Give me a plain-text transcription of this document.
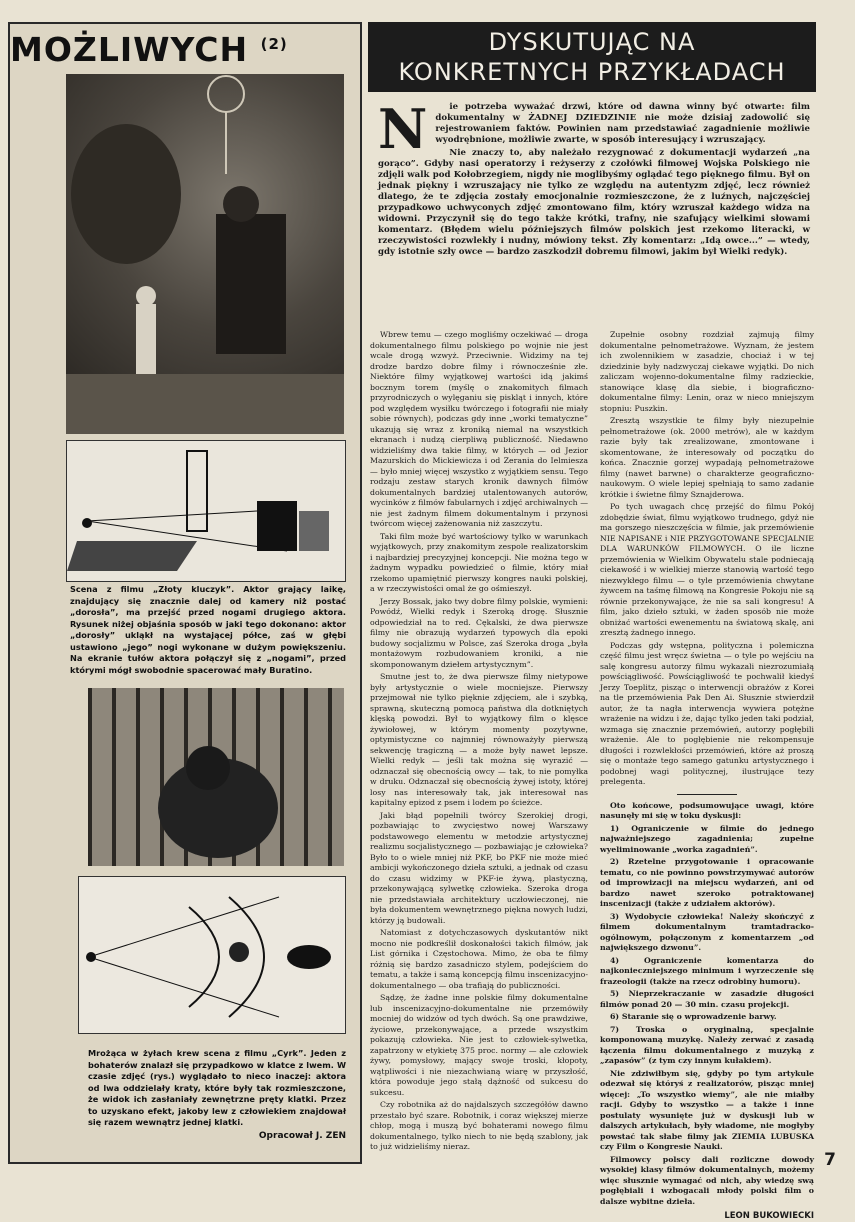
MOŻLIWYCH $^{(2)}$
Scena z filmu „Złoty kluczyk”. Aktor grający laikę, znajdujący się znacznie dalej od kamery niż postać „dorosła”, ma przejść przed nogami drugiego aktora. Rysunek niżej objaśnia sposób w jaki tego dokonano: aktor „dorosły” ukląkł na wystającej półce, zaś w głębi ustawiono „jego” nogi wykonane w dużym powiększeniu. Na ekranie tułów aktora połączył się z „nogami”, przed którymi mógł swobodnie spacerować mały Buratino.
Mrożąca w żyłach krew scena z filmu „Cyrk”. Jeden z bohaterów znalazł się przypadkowo w klatce z lwem. W czasie zdjęć (rys.) wyglądało to nieco inaczej: aktora od lwa oddzielały kraty, które były tak rozmieszczone, że widok ich zasłaniały zewnętrzne pręty klatki. Przez to uzyskano efekt, jakoby lew z człowiekiem znajdował się razem wewnątrz jednej klatki.
Opracował J. ZEN
DYSKUTUJĄC NA
KONKRETNYCH PRZYKŁADACH
N	ie potrzeba wyważać drzwi, które od dawna winny być otwarte: film dokumentalny w ŻADNEJ DZIEDZINIE nie może dzisiaj zadowolić się rejestrowaniem faktów. Powinien nam przedstawiać zagadnienie możliwie wyodrębnione, możliwie zwarte, w sposób interesujący i wzruszający.

Nie znaczy to, aby należało rezygnować z dokumentacji wydarzeń „na gorąco”. Gdyby nasi operatorzy i reżyserzy z czołówki filmowej Wojska Polskiego nie zdjęli walk pod Kołobrzegiem, nigdy nie moglibyśmy oglądać tego pięknego filmu. Był on jednak piękny i wzruszający nie tylko ze względu na autentyzm zdjęć, lecz również dlatego, że te zdjęcia zostały emocjonalnie rozmieszczone, że z luźnych, najczęściej przypadkowo uchwyconych zdjęć zmontowano film, który wzruszał każdego widza na widowni. Przyczynił się do tego także krótki, trafny, nie szafujący wielkimi słowami komentarz. (Błędem wielu późniejszych filmów polskich jest rzekomo literacki, w rzeczywistości rozwlekły i nudny, mówiony tekst. Zły komentarz: „Idą owce...” — wtedy, gdy istotnie szły owce — bardzo zaszkodził dobremu filmowi, jakim był Wielki redyk).

Wbrew temu — czego mogliśmy oczekiwać — droga dokumentalnego filmu polskiego po wojnie nie jest wcale drogą wzwyż. Przeciwnie. Widzimy na tej drodze bardzo dobre filmy i równocześnie złe. Niektóre filmy wyjątkowej wartości idą jakimś bocznym torem (myślę o znakomitych filmach przyrodniczych o wylęganiu się piskląt i innych, które pod względem wysiłku twórczego i fotografii nie miały sobie równych), podczas gdy inne „worki tematyczne” ukazują się wraz z kroniką niemal na wszystkich ekranach i nudzą cierpliwą publiczność. Niedawno widzieliśmy dwa takie filmy, w których — od Jezior Mazurskich do Mickiewicza i od Zerania do Ielmiesza — było mniej więcej wszystko z wyjątkiem sensu. Tego rodzaju zestaw starych kronik dawnych filmów dokumentalnych bardziej utalentowanych autorów, wycinków z filmów fabularnych i zdjęć archiwalnych — nie jest żadnym filmem dokumentalnym i przynosi twórcom więcej zażenowania niż zaszczytu.

Taki film może być wartościowy tylko w warunkach wyjątkowych, przy znakomitym zespole realizatorskim i najbardziej precyzyjnej koncepcji. Nie można tego w żadnym wypadku powiedzieć o filmie, który miał rzekomo upamiętnić pierwszy kongres nauki polskiej, a w rzeczywistości omal że go ośmieszył.

Jerzy Bossak, jako twy dobre filmy polskie, wymieni: Powódź, Wielki redyk i Szeroką drogę. Słusznie odpowiedział na to red. Cękalski, że dwa pierwsze filmy nie obrazują wydarzeń typowych dla epoki budowy socjalizmu w Polsce, zaś Szeroka droga „była montażowym rozbudowaniem kroniki, a nie skomponowanym dziełem artystycznym”.

Smutne jest to, że dwa pierwsze filmy nietypowe były artystycznie o wiele mocniejsze. Pierwszy przejmował nie tylko pięknie zdjęciem, ale i szybką, sprawną, skuteczną pomocą państwa dla dotkniętych klęską powodzi. Był to wyjątkowy film o klęsce żywiołowej, w którym momenty pozytywne, optymistyczne co najmniej równoważyły pierwszą sekwencję tragiczną — a może były nawet lepsze. Wielki redyk — jeśli tak można się wyrazić — odznaczał się obecnością owcy — tak, to nie pomyłka w druku. Odznaczał się obecnością żywej istoty, której losy nas interesowały tak, jak interesował nas kapitalny epizod z psem i lodem po ścieżce.

Jaki błąd popełnili twórcy Szerokiej drogi, pozbawiając to zwycięstwo nowej Warszawy podstawowego elementu w metodzie artystycznej realizmu socjalistycznego — pozbawiając je człowieka? Było to o wiele mniej niż PKF, bo PKF nie może mieć ambicji wykończonego dzieła sztuki, a jednak od czasu do czasu widzimy w PKF-ie żywą, plastyczną, przekonywającą sylwetkę człowieka. Szeroka droga nie przedstawiała architektury uczłowieczonej, nie była dokumentem wewnętrznego piękna nowych ludzi, którzy ją budowali.

Natomiast z dotychczasowych dyskutantów nikt mocno nie podkreślił doskonałości takich filmów, jak List górnika i Częstochowa. Mimo, że oba te filmy różnią się bardzo zasadniczo stylem, podejściem do tematu, a także i samą koncepcją filmu inscenizacyjno-dokumentalnego — oba trafiają do publiczności.

Sądzę, że żadne inne polskie filmy dokumentalne lub inscenizacyjno-dokumentalne nie przemówiły mocniej do widzów od tych dwóch. Są one prawdziwe, życiowe, przekonywające, a przede wszystkim pokazują człowieka. Nie jest to człowiek-sylwetka, zapatrzony w etykietę 375 proc. normy — ale człowiek żywy, pomysłowy, mający swoje troski, kłopoty, wątpliwości i nie niezachwianą wiarę w przyszłość, która powoduje jego stałą dążność od sukcesu do sukcesu.

Czy robotnika aż do najdalszych szczegółów dawno przestało być szare. Robotnik, i coraz większej mierze chłop, mogą i muszą być bohaterami nowego filmu dokumentalnego, tylko niech to nie będą szablony, jak to już widzieliśmy nieraz.

Zupełnie osobny rozdział zajmują filmy dokumentalne pełnometrażowe. Wyznam, że jestem ich zwolennikiem w zasadzie, chociaż i w tej dziedzinie były nadzwyczaj ciekawe wyjątki. Do nich zaliczam wojenno-dokumentalne filmy radzieckie, stanowiące klasę dla siebie, i biograficzno-dokumentalne filmy: Lenin, oraz w nieco mniejszym stopniu: Puszkin.

Zresztą wszystkie te filmy były niezupełnie pełnometrażowe (ok. 2000 metrów), ale w każdym razie były tak zrealizowane, zmontowane i skomentowane, że interesowały od początku do końca. Znacznie gorzej wypadają pełnometrażowe filmy (nawet barwne) o charakterze geograficzno-naukowym. O wiele lepiej spełniają to samo zadanie krótkie i świetne filmy Sznajderowa.

Po tych uwagach chcę przejść do filmu Pokój zdobędzie świat, filmu wyjątkowo trudnego, gdyż nie ma gorszego nieszczęścia w filmie, jak przemówienie NIE NAPISANE i NIE PRZYGOTOWANE SPECJALNIE DLA WARUNKÓW FILMOWYCH. O ile liczne przemówienia w Wielkim Obywatelu stale podniecają ciekawość i w wielkiej mierze stanowią wartość tego niezwykłego filmu — o tyle przemówienia chwytane żywcem na taśmę filmową na Kongresie Pokoju nie są równie przekonywające, że nie sa sali kongresu! A film, jako dzieło sztuki, w żaden sposób nie może obniżać wartości ewenementu na światową skalę, ani zresztą żadnego innego.

Podczas gdy wstępna, polityczna i polemiczna część filmu jest wręcz świetna — o tyle po wejściu na salę kongresu autorzy filmu wykazali niezrozumiałą powściągliwość. Powściągliwość te pochwalił kiedyś Jerzy Toeplitz, pisząc o interwencji obrażów z Korei na tle przemówienia Pak Den Ai. Słusznie stwierdził autor, że ta nagła interwencja wywiera potężne wrażenie na widzu i że, dając tylko jeden taki podział, wzmaga się znacznie przemówień, autorzy pogłębili wrażenie. Ale to pogłębienie nie rekompensuje długości i rozwlekłości przemówień, które aż proszą się o montaże tego samego gatunku artystycznego i podobnej wagi politycznej, ilustrujące tezy prelegenta.

Oto końcowe, podsumowujące uwagi, które nasunęły mi się w toku dyskusji:

1) Ograniczenie w filmie do jednego najważniejszego zagadnienia; zupełne wyeliminowanie „worka zagadnień”.

2) Rzetelne przygotowanie i opracowanie tematu, co nie powinno powstrzymywać autorów od improwizacji na miejscu wydarzeń, ani od bardzo nawet szeroko potraktowanej inscenizacji (także z udziałem aktorów).

3) Wydobycie człowieka! Należy skończyć z filmem dokumentalnym tramtadracko-ogólnowym, połączonym z komentarzem „od największego dzwonu”.

4) Ograniczenie komentarza do najkonieczniejszego minimum i wyrzeczenie się frazeologii (także na rzecz odrobiny humoru).

5) Nieprzekraczanie w zasadzie długości filmów ponad 20 — 30 min. czasu projekcji.

6) Staranie się o wprowadzenie barwy.

7) Troska o oryginalną, specjalnie komponowaną muzykę. Należy zerwać z zasadą łączenia filmu dokumentalnego z muzyką z „zapasów” (z tym czy innym kułakiem).

Nie zdziwiłbym się, gdyby po tym artykule odezwał się któryś z realizatorów, pisząc mniej więcej: „To wszystko wiemy”, ale nie miałby racji. Gdyby to wszystko — a także i inne postulaty wysunięte już w dyskusji lub w dalszych artykułach, były wiadome, nie mogłyby powstać tak słabe filmy jak ZIEMIA LUBUSKA czy Film o Kongresie Nauki.

Filmowcy polscy dali rozliczne dowody wysokiej klasy filmów dokumentalnych, możemy więc słusznie wymagać od nich, aby wiedzę swą pogłębiali i wzbogacali młody polski film o dalsze wybitne dzieła.

LEON BUKOWIECKI
7
